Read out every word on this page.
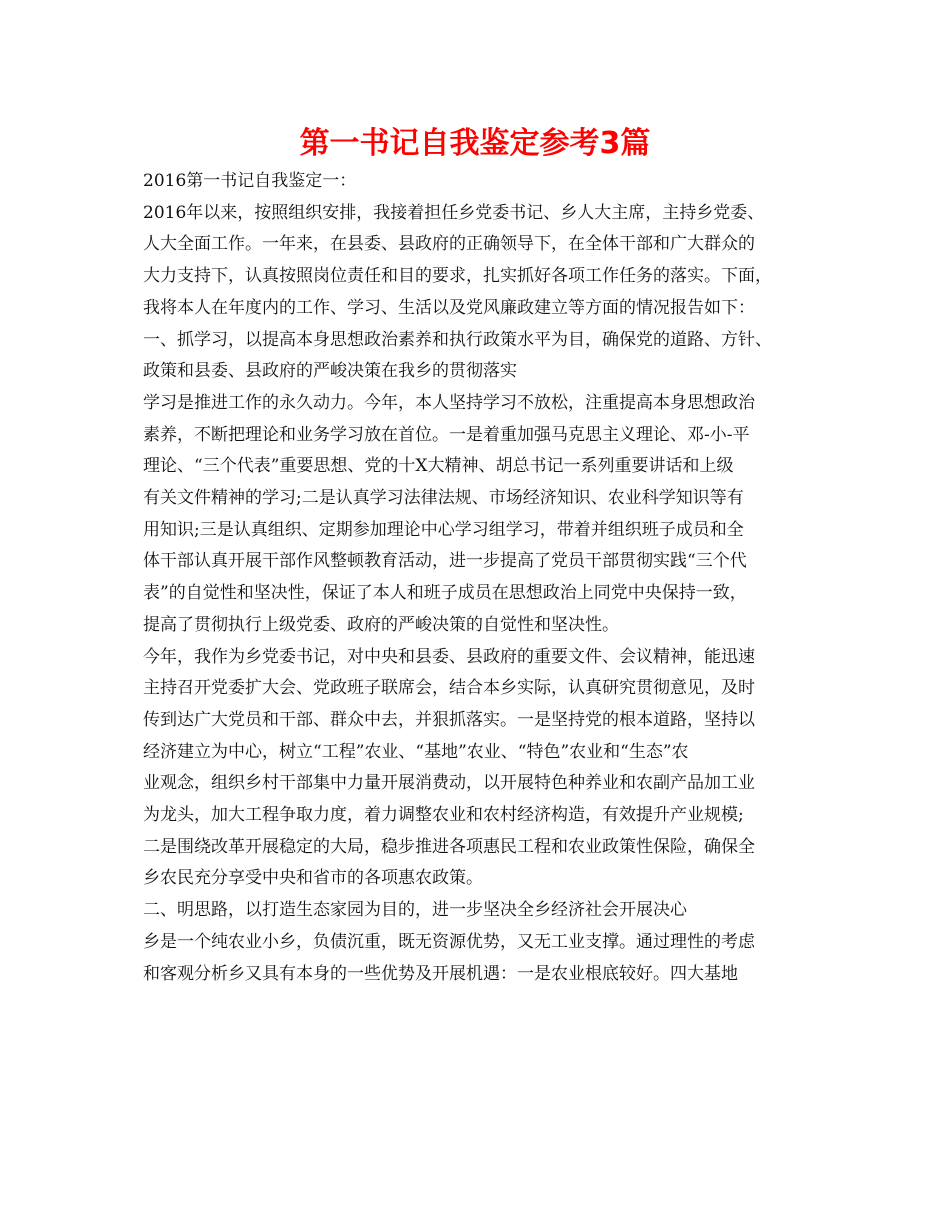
第一书记自我鉴定参考3篇
2016第一书记自我鉴定一：
2016年以来，按照组织安排，我接着担任乡党委书记、乡人大主席，主持乡党委、
人大全面工作。一年来，在县委、县政府的正确领导下，在全体干部和广大群众的
大力支持下，认真按照岗位责任和目的要求，扎实抓好各项工作任务的落实。下面，
我将本人在年度内的工作、学习、生活以及党风廉政建立等方面的情况报告如下：
一、抓学习，以提高本身思想政治素养和执行政策水平为目，确保党的道路、方针、
政策和县委、县政府的严峻决策在我乡的贯彻落实
学习是推进工作的永久动力。今年，本人坚持学习不放松，注重提高本身思想政治
素养，不断把理论和业务学习放在首位。一是着重加强马克思主义理论、邓-小-平
理论、“三个代表”重要思想、党的十X大精神、胡总书记一系列重要讲话和上级
有关文件精神的学习;二是认真学习法律法规、市场经济知识、农业科学知识等有
用知识;三是认真组织、定期参加理论中心学习组学习，带着并组织班子成员和全
体干部认真开展干部作风整顿教育活动，进一步提高了党员干部贯彻实践“三个代
表”的自觉性和坚决性，保证了本人和班子成员在思想政治上同党中央保持一致，
提高了贯彻执行上级党委、政府的严峻决策的自觉性和坚决性。
今年，我作为乡党委书记，对中央和县委、县政府的重要文件、会议精神，能迅速
主持召开党委扩大会、党政班子联席会，结合本乡实际，认真研究贯彻意见，及时
传到达广大党员和干部、群众中去，并狠抓落实。一是坚持党的根本道路，坚持以
经济建立为中心，树立“工程”农业、“基地”农业、“特色”农业和“生态”农
业观念，组织乡村干部集中力量开展消费动，以开展特色种养业和农副产品加工业
为龙头，加大工程争取力度，着力调整农业和农村经济构造，有效提升产业规模;
二是围绕改革开展稳定的大局，稳步推进各项惠民工程和农业政策性保险，确保全
乡农民充分享受中央和省市的各项惠农政策。
二、明思路，以打造生态家园为目的，进一步坚决全乡经济社会开展决心
乡是一个纯农业小乡，负债沉重，既无资源优势，又无工业支撑。通过理性的考虑
和客观分析乡又具有本身的一些优势及开展机遇：一是农业根底较好。四大基地
